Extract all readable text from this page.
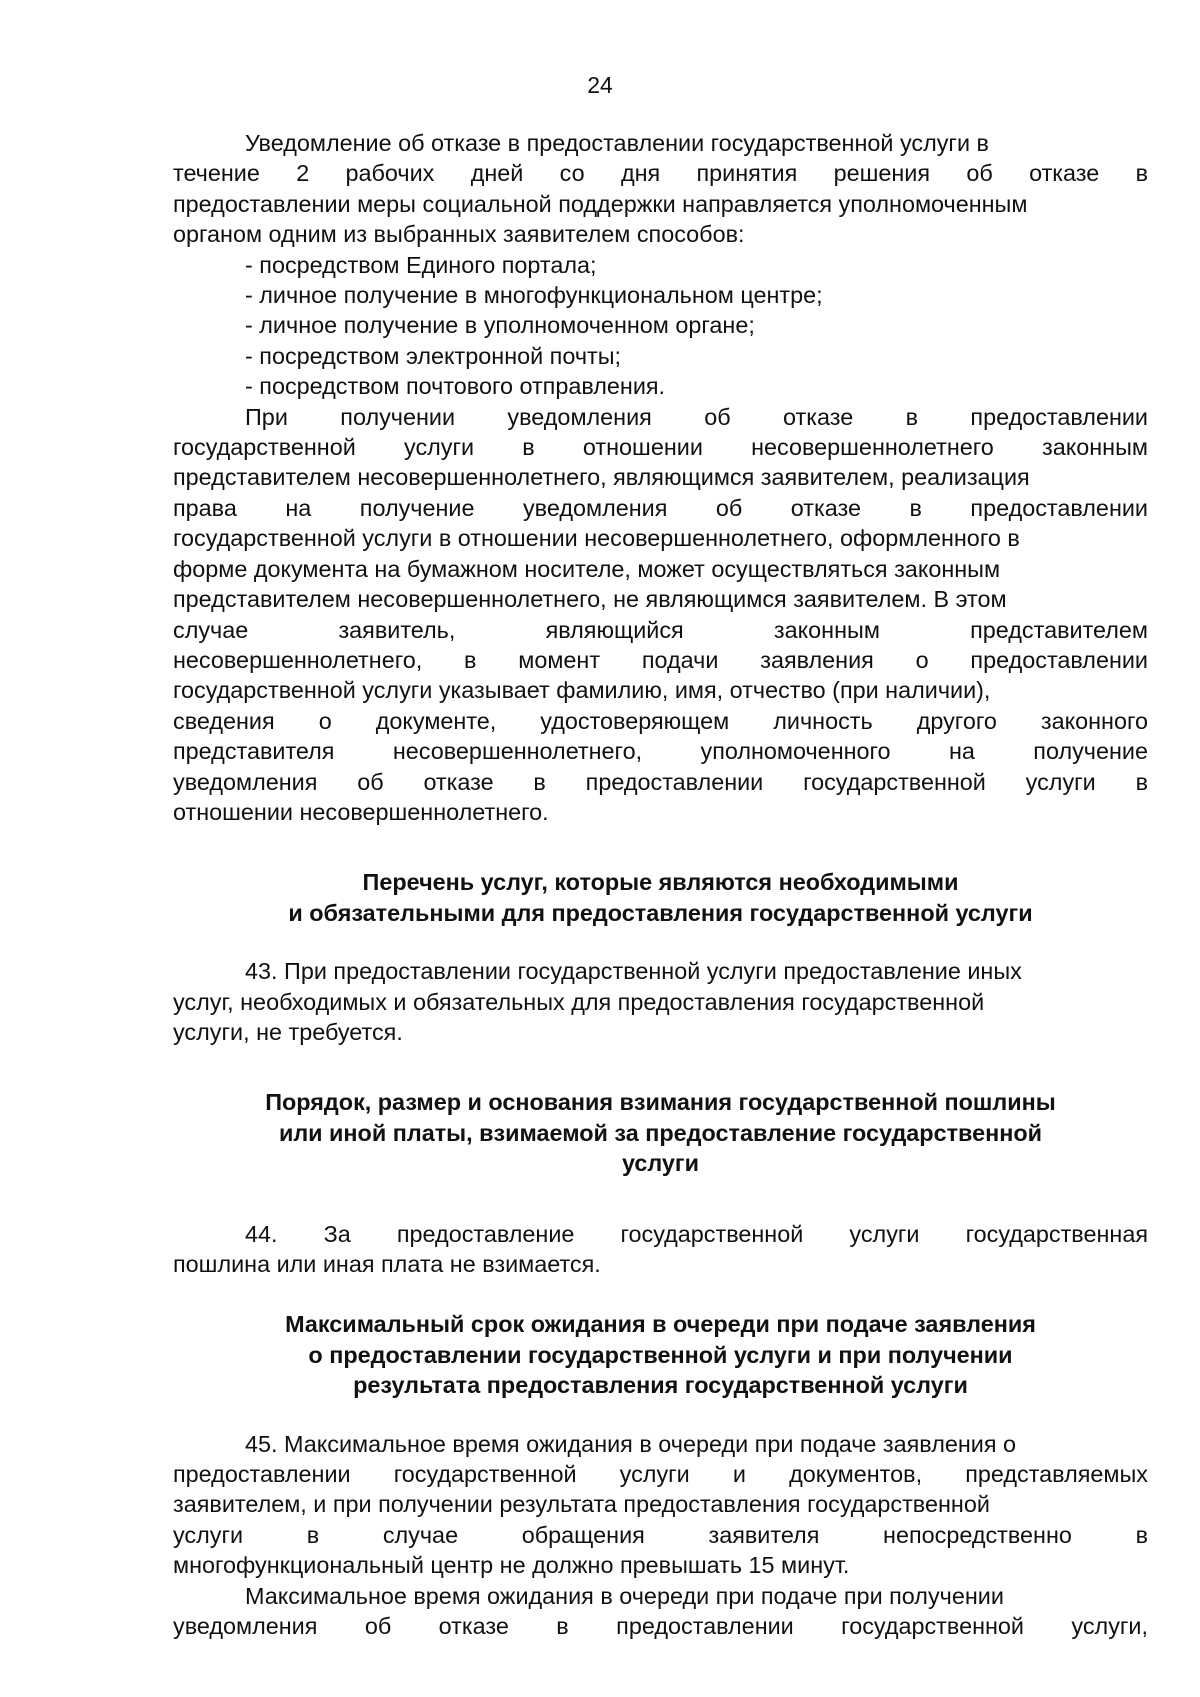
24

Уведомление об отказе в предоставлении государственной услуги в
течение 2 рабочих дней со дня принятия решения об отказе в
предоставлении меры социальной поддержки направляется уполномоченным
органом одним из выбранных заявителем способов:

- посредством Единого портала;
- личное получение в многофункциональном центре;
- личное получение в уполномоченном органе;
- посредством электронной почты;
- посредством почтового отправления.

При получении уведомления об отказе в предоставлении
государственной услуги в отношении несовершеннолетнего законным
представителем несовершеннолетнего, являющимся заявителем, реализация
права на получение уведомления об отказе в предоставлении
государственной услуги в отношении несовершеннолетнего, оформленного в
форме документа на бумажном носителе, может осуществляться законным
представителем несовершеннолетнего, не являющимся заявителем. В этом
случае заявитель, являющийся законным представителем
несовершеннолетнего, в момент подачи заявления о предоставлении
государственной услуги указывает фамилию, имя, отчество (при наличии),
сведения о документе, удостоверяющем личность другого законного
представителя несовершеннолетнего, уполномоченного на получение
уведомления об отказе в предоставлении государственной услуги в
отношении несовершеннолетнего.

Перечень услуг, которые являются необходимыми
и обязательными для предоставления государственной услуги

43. При предоставлении государственной услуги предоставление иных
услуг, необходимых и обязательных для предоставления государственной
услуги, не требуется.

Порядок, размер и основания взимания государственной пошлины
или иной платы, взимаемой за предоставление государственной
услуги

44. За предоставление государственной услуги государственная
пошлина или иная плата не взимается.

Максимальный срок ожидания в очереди при подаче заявления
о предоставлении государственной услуги и при получении
результата предоставления государственной услуги

45. Максимальное время ожидания в очереди при подаче заявления о
предоставлении государственной услуги и документов, представляемых
заявителем, и при получении результата предоставления государственной
услуги в случае обращения заявителя непосредственно в
многофункциональный центр не должно превышать 15 минут.

Максимальное время ожидания в очереди при подаче при получении
уведомления об отказе в предоставлении государственной услуги,
